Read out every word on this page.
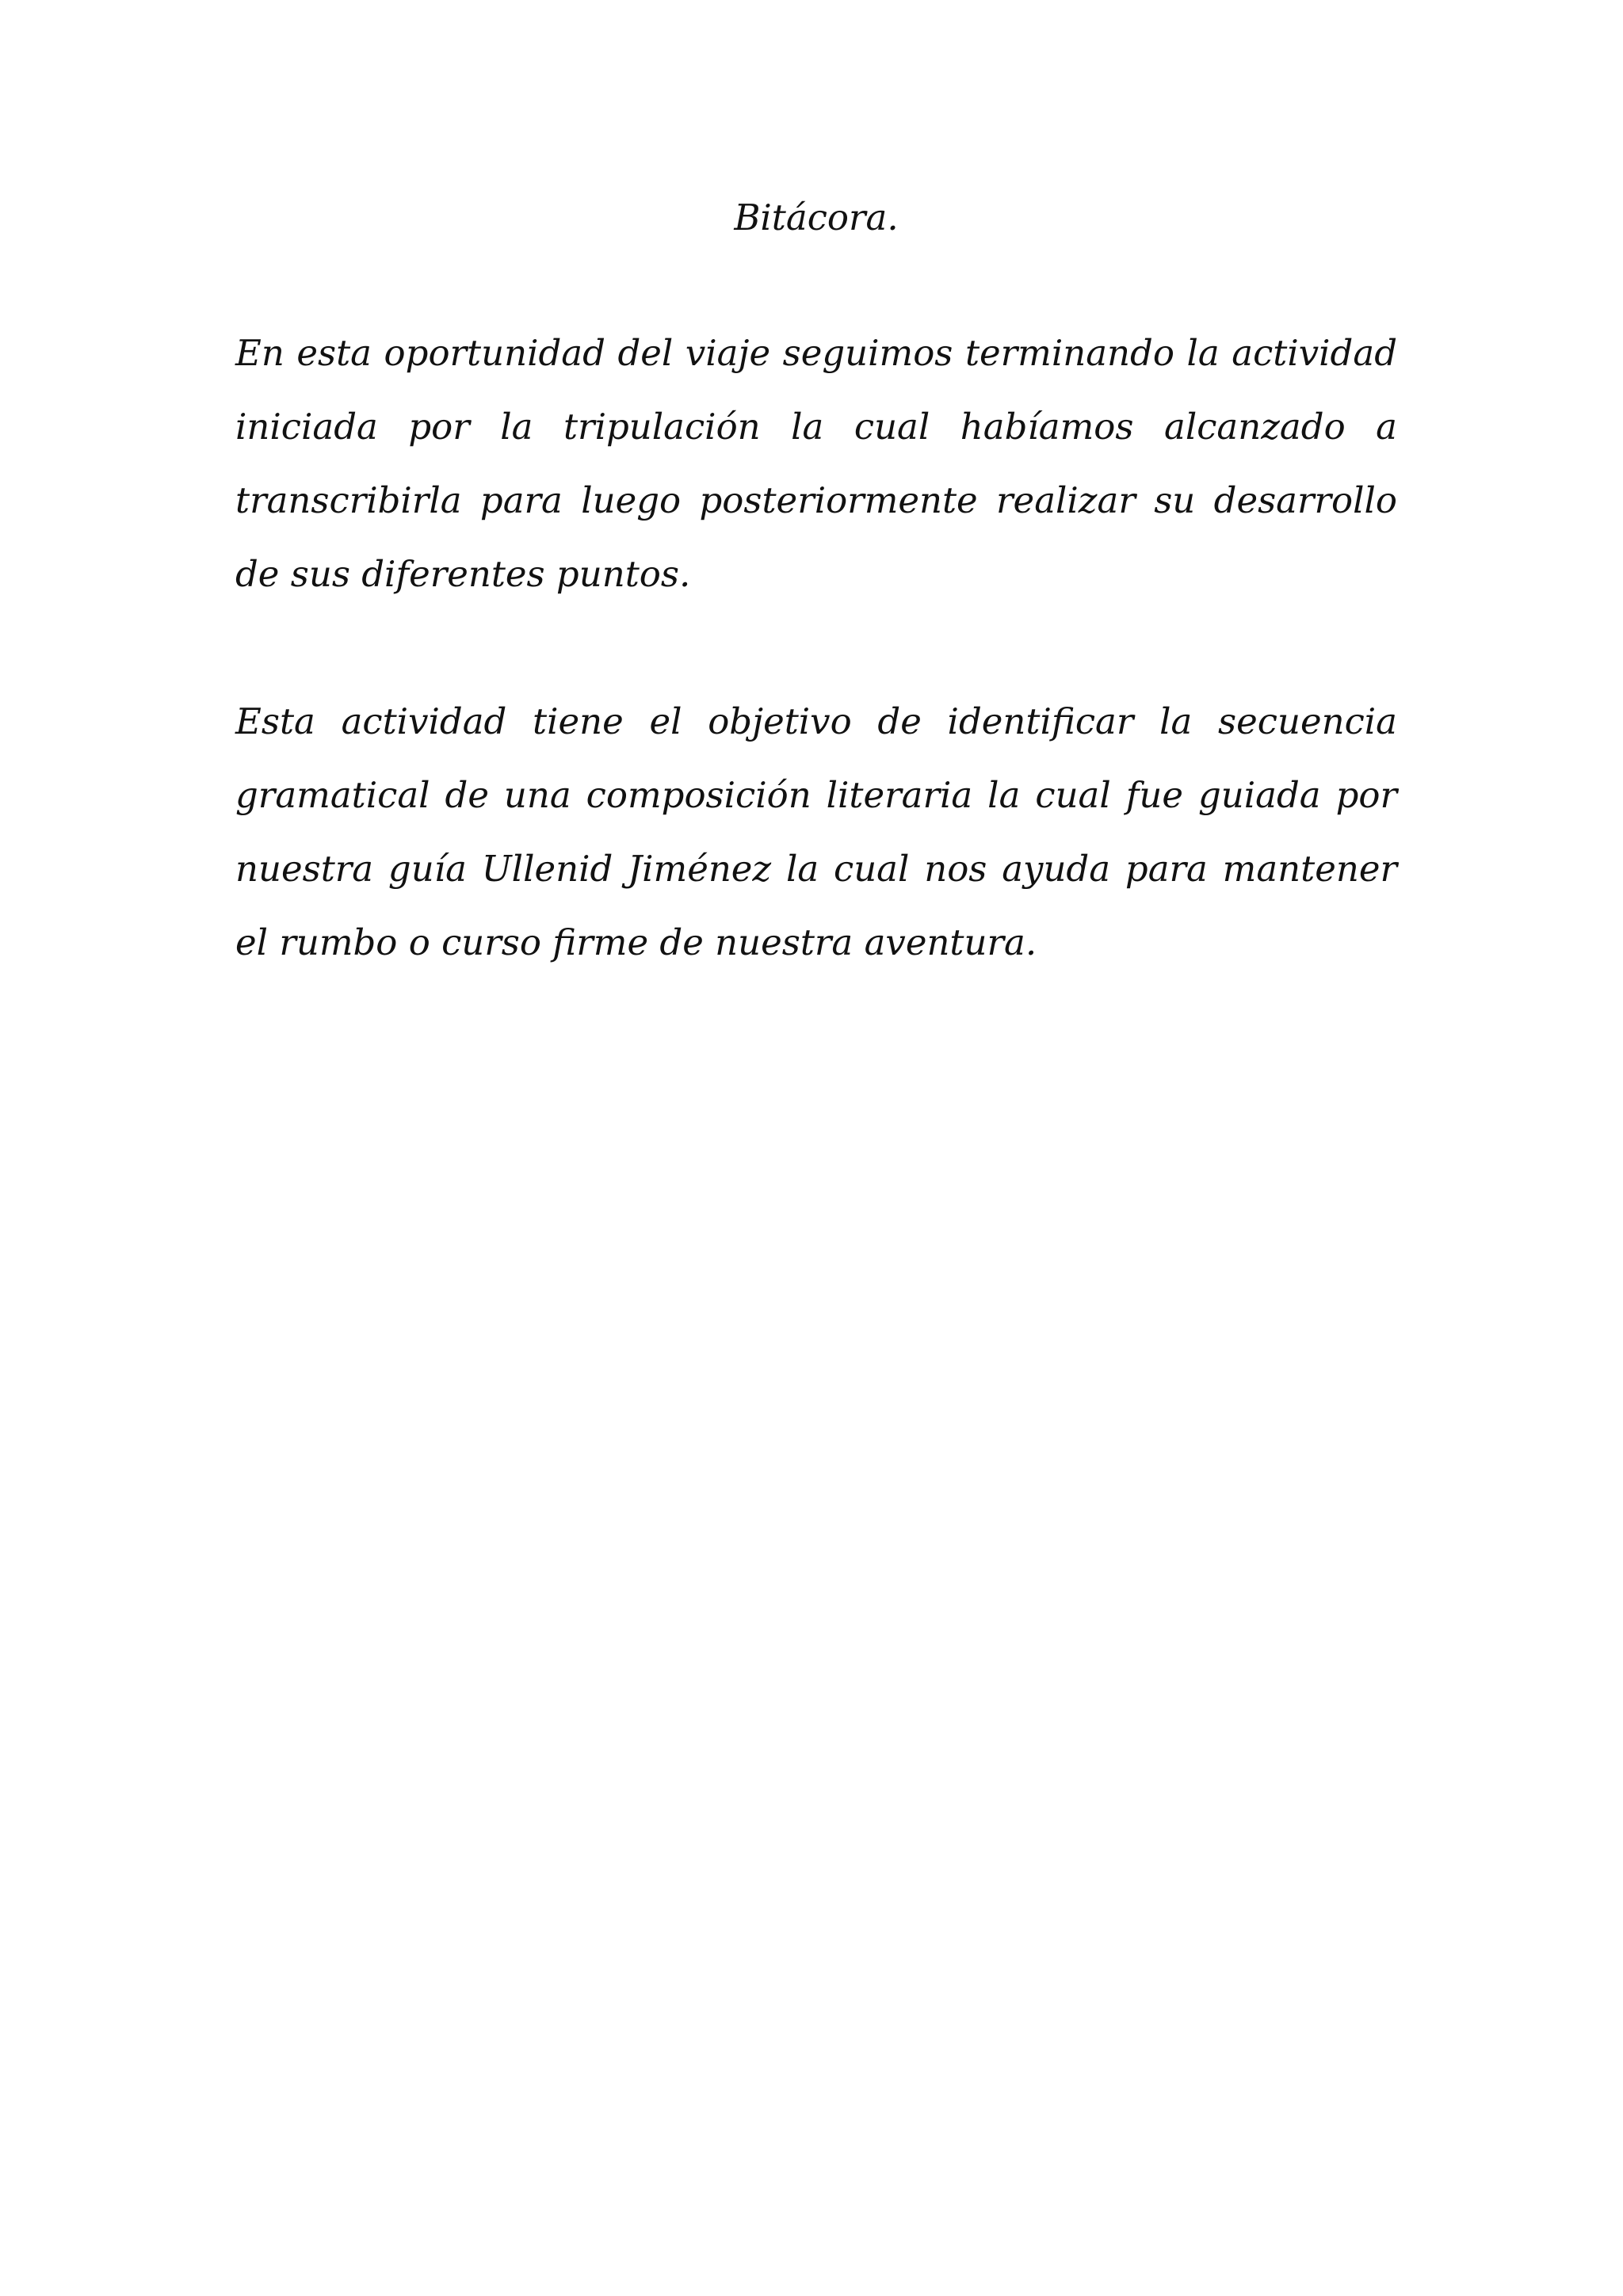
Bitácora.

En esta oportunidad del viaje seguimos terminando la actividad iniciada por la tripulación la cual habíamos alcanzado a transcribirla para luego posteriormente realizar su desarrollo de sus diferentes puntos.

Esta actividad tiene el objetivo de identificar la secuencia gramatical de una composición literaria la cual fue guiada por nuestra guía Ullenid Jiménez la cual nos ayuda para mantener el rumbo o curso firme de nuestra aventura.
